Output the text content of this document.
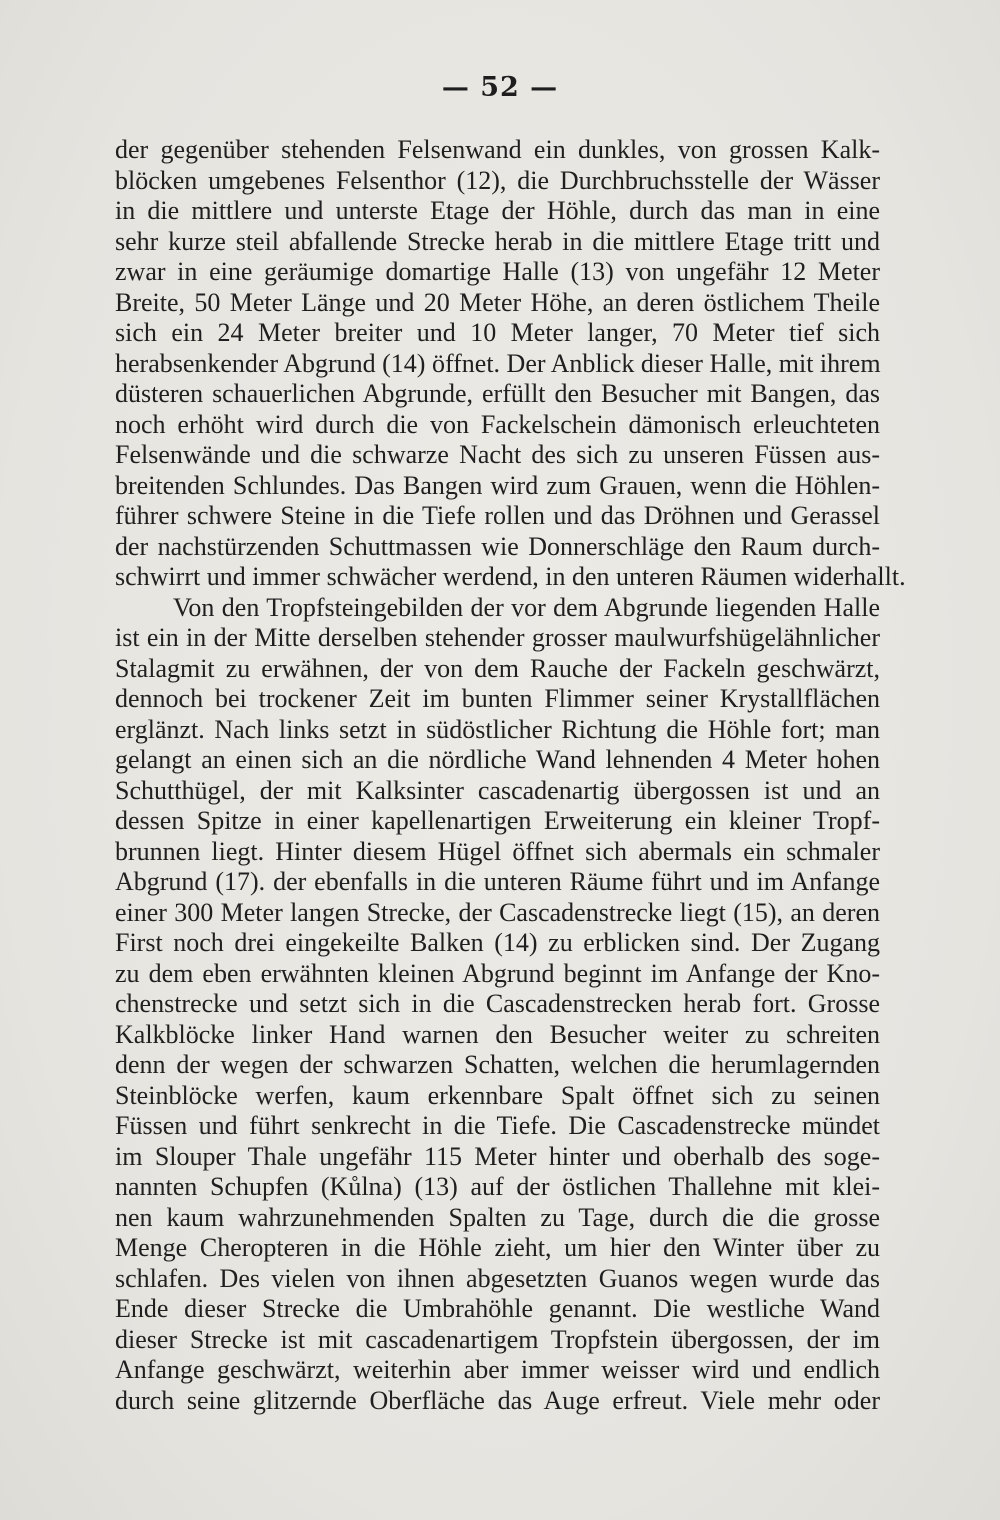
— 52 —
der gegenüber stehenden Felsenwand ein dunkles, von grossen Kalk-
blöcken umgebenes Felsenthor (12), die Durchbruchsstelle der Wässer
in die mittlere und unterste Etage der Höhle, durch das man in eine
sehr kurze steil abfallende Strecke herab in die mittlere Etage tritt und
zwar in eine geräumige domartige Halle (13) von ungefähr 12 Meter
Breite, 50 Meter Länge und 20 Meter Höhe, an deren östlichem Theile
sich ein 24 Meter breiter und 10 Meter langer, 70 Meter tief sich
herabsenkender Abgrund (14) öffnet. Der Anblick dieser Halle, mit ihrem
düsteren schauerlichen Abgrunde, erfüllt den Besucher mit Bangen, das
noch erhöht wird durch die von Fackelschein dämonisch erleuchteten
Felsenwände und die schwarze Nacht des sich zu unseren Füssen aus-
breitenden Schlundes. Das Bangen wird zum Grauen, wenn die Höhlen-
führer schwere Steine in die Tiefe rollen und das Dröhnen und Gerassel
der nachstürzenden Schuttmassen wie Donnerschläge den Raum durch-
schwirrt und immer schwächer werdend, in den unteren Räumen widerhallt.
Von den Tropfsteingebilden der vor dem Abgrunde liegenden Halle
ist ein in der Mitte derselben stehender grosser maulwurfshügelähnlicher
Stalagmit zu erwähnen, der von dem Rauche der Fackeln geschwärzt,
dennoch bei trockener Zeit im bunten Flimmer seiner Krystallflächen
erglänzt. Nach links setzt in südöstlicher Richtung die Höhle fort; man
gelangt an einen sich an die nördliche Wand lehnenden 4 Meter hohen
Schutthügel, der mit Kalksinter cascadenartig übergossen ist und an
dessen Spitze in einer kapellenartigen Erweiterung ein kleiner Tropf-
brunnen liegt. Hinter diesem Hügel öffnet sich abermals ein schmaler
Abgrund (17). der ebenfalls in die unteren Räume führt und im Anfange
einer 300 Meter langen Strecke, der Cascadenstrecke liegt (15), an deren
First noch drei eingekeilte Balken (14) zu erblicken sind. Der Zugang
zu dem eben erwähnten kleinen Abgrund beginnt im Anfange der Kno-
chenstrecke und setzt sich in die Cascadenstrecken herab fort. Grosse
Kalkblöcke linker Hand warnen den Besucher weiter zu schreiten
denn der wegen der schwarzen Schatten, welchen die herumlagernden
Steinblöcke werfen, kaum erkennbare Spalt öffnet sich zu seinen
Füssen und führt senkrecht in die Tiefe. Die Cascadenstrecke mündet
im Slouper Thale ungefähr 115 Meter hinter und oberhalb des soge-
nannten Schupfen (Kůlna) (13) auf der östlichen Thallehne mit klei-
nen kaum wahrzunehmenden Spalten zu Tage, durch die die grosse
Menge Cheropteren in die Höhle zieht, um hier den Winter über zu
schlafen. Des vielen von ihnen abgesetzten Guanos wegen wurde das
Ende dieser Strecke die Umbrahöhle genannt. Die westliche Wand
dieser Strecke ist mit cascadenartigem Tropfstein übergossen, der im
Anfange geschwärzt, weiterhin aber immer weisser wird und endlich
durch seine glitzernde Oberfläche das Auge erfreut. Viele mehr oder
